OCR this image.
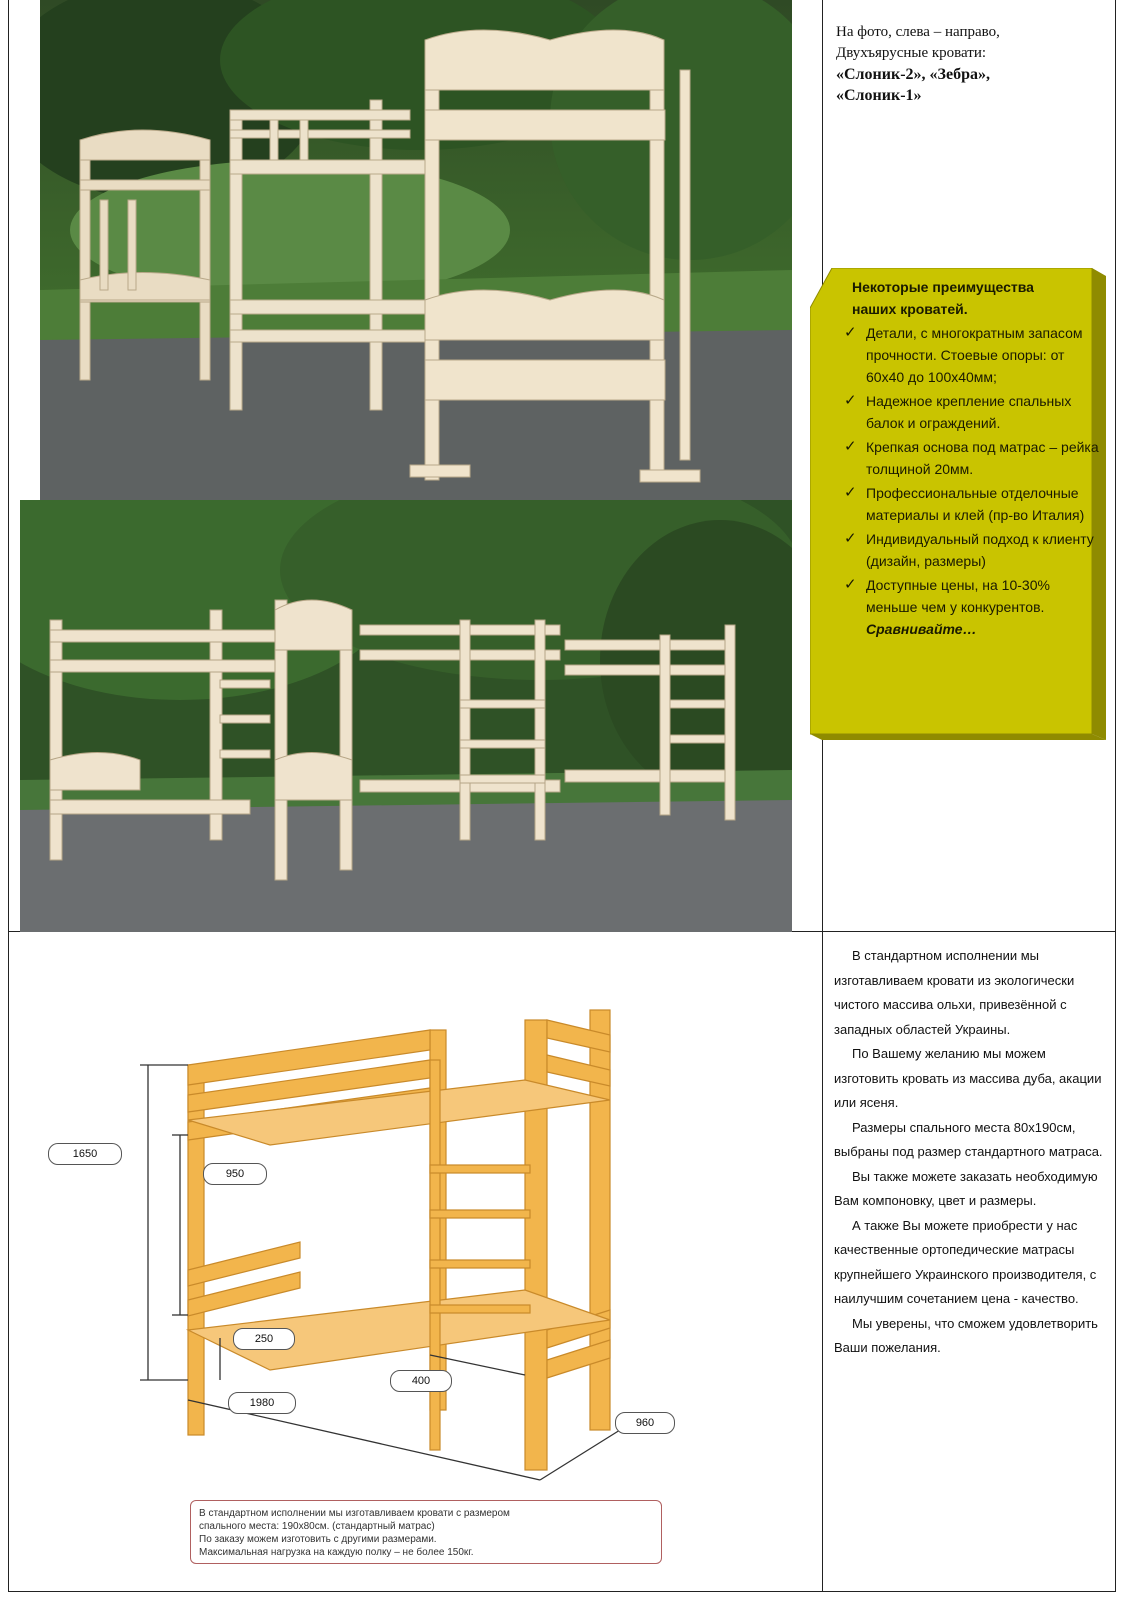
На фото, слева – направо,
Двухъярусные кровати:
«Слоник-2», «Зебра»,
«Слоник-1»
Некоторые преимущества
наших кроватей.
✓ Детали, с многократным запасом прочности. Стоевые опоры: от 60х40 до 100х40мм;
✓ Надежное крепление спальных балок и ограждений.
✓ Крепкая основа под матрас – рейка толщиной 20мм.
✓ Профессиональные отделочные материалы и клей (пр-во Италия)
✓ Индивидуальный подход к клиенту (дизайн, размеры)
✓ Доступные цены, на 10-30% меньше чем у конкурентов.
Сравнивайте…
1650
950
250
1980
400
960
В стандартном исполнении мы изготавливаем кровати с размером
спального места: 190х80см. (стандартный матрас)
По заказу можем изготовить с другими размерами.
Максимальная нагрузка на каждую полку – не более 150кг.

В стандартном исполнении мы изготавливаем кровати из экологически чистого массива ольхи, привезённой с западных областей Украины.

По Вашему желанию мы можем изготовить кровать из массива дуба, акации или ясеня.

Размеры спального места 80х190см, выбраны под размер стандартного матраса.

Вы также можете заказать необходимую Вам компоновку, цвет и размеры.

А также Вы можете приобрести у нас качественные ортопедические матрасы крупнейшего Украинского производителя, с наилучшим сочетанием цена - качество.

Мы уверены, что сможем удовлетворить Ваши пожелания.
